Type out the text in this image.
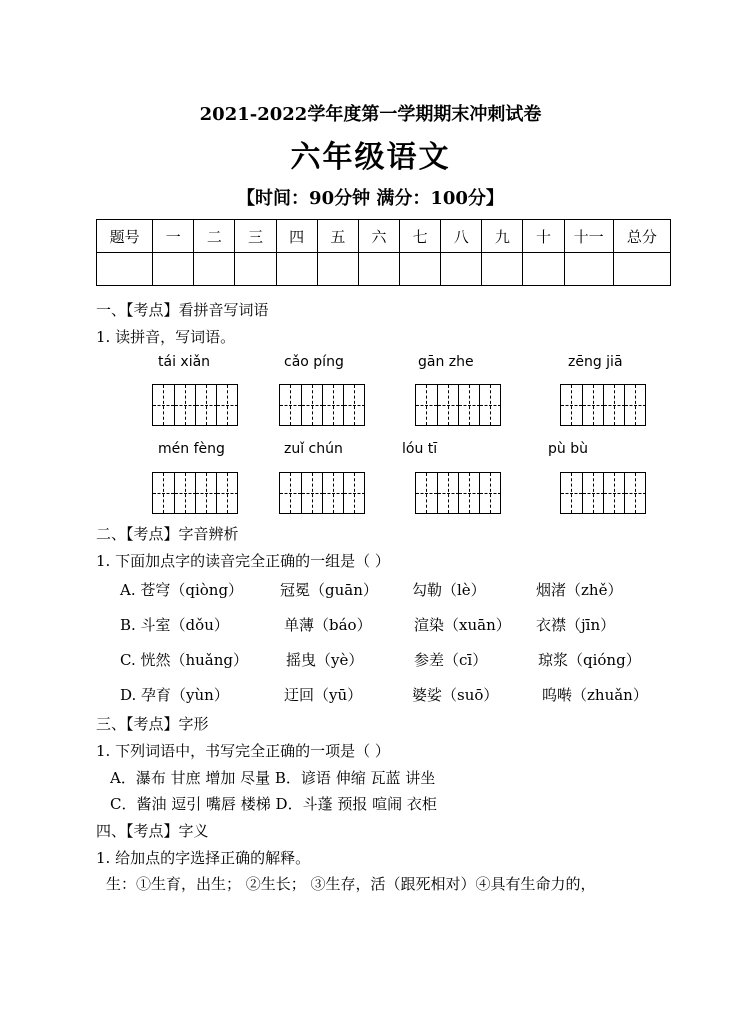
2021-2022学年度第一学期期末冲刺试卷
六年级语文
【时间：90分钟 满分：100分】
题号	一	二	三	四	五	六	七	八	九	十	十一	总分

一、【考点】看拼音写词语
1. 读拼音，写词语。
tái xiǎn	cǎo píng	gān zhe	zēng jiā
mén fèng	zuǐ chún	lóu tī	pù bù
二、【考点】字音辨析
1. 下面加点字的读音完全正确的一组是（ ）
A. 苍穹（qiòng） 冠冕（guān） 勾勒（lè）	烟渚（zhě）
B. 斗室（dǒu）	单薄（báo）	渲染（xuān） 衣襟（jīn）
C. 恍然（huǎng）	摇曳（yè）	参差（cī）	琼浆（qióng）
D. 孕育（yùn）	迂回（yū）	婆娑（suō）	呜啭（zhuǎn）
三、【考点】字形
1. 下列词语中，书写完全正确的一项是（ ）
A．瀑布 甘庶 增加 尽量 B．谚语 伸缩 瓦蓝 讲坐
C．酱油 逗引 嘴唇 楼梯 D．斗蓬 预报 喧闹 衣柜
四、【考点】字义
1. 给加点的字选择正确的解释。
生：①生育，出生； ②生长； ③生存，活（跟死相对）④具有生命力的，
